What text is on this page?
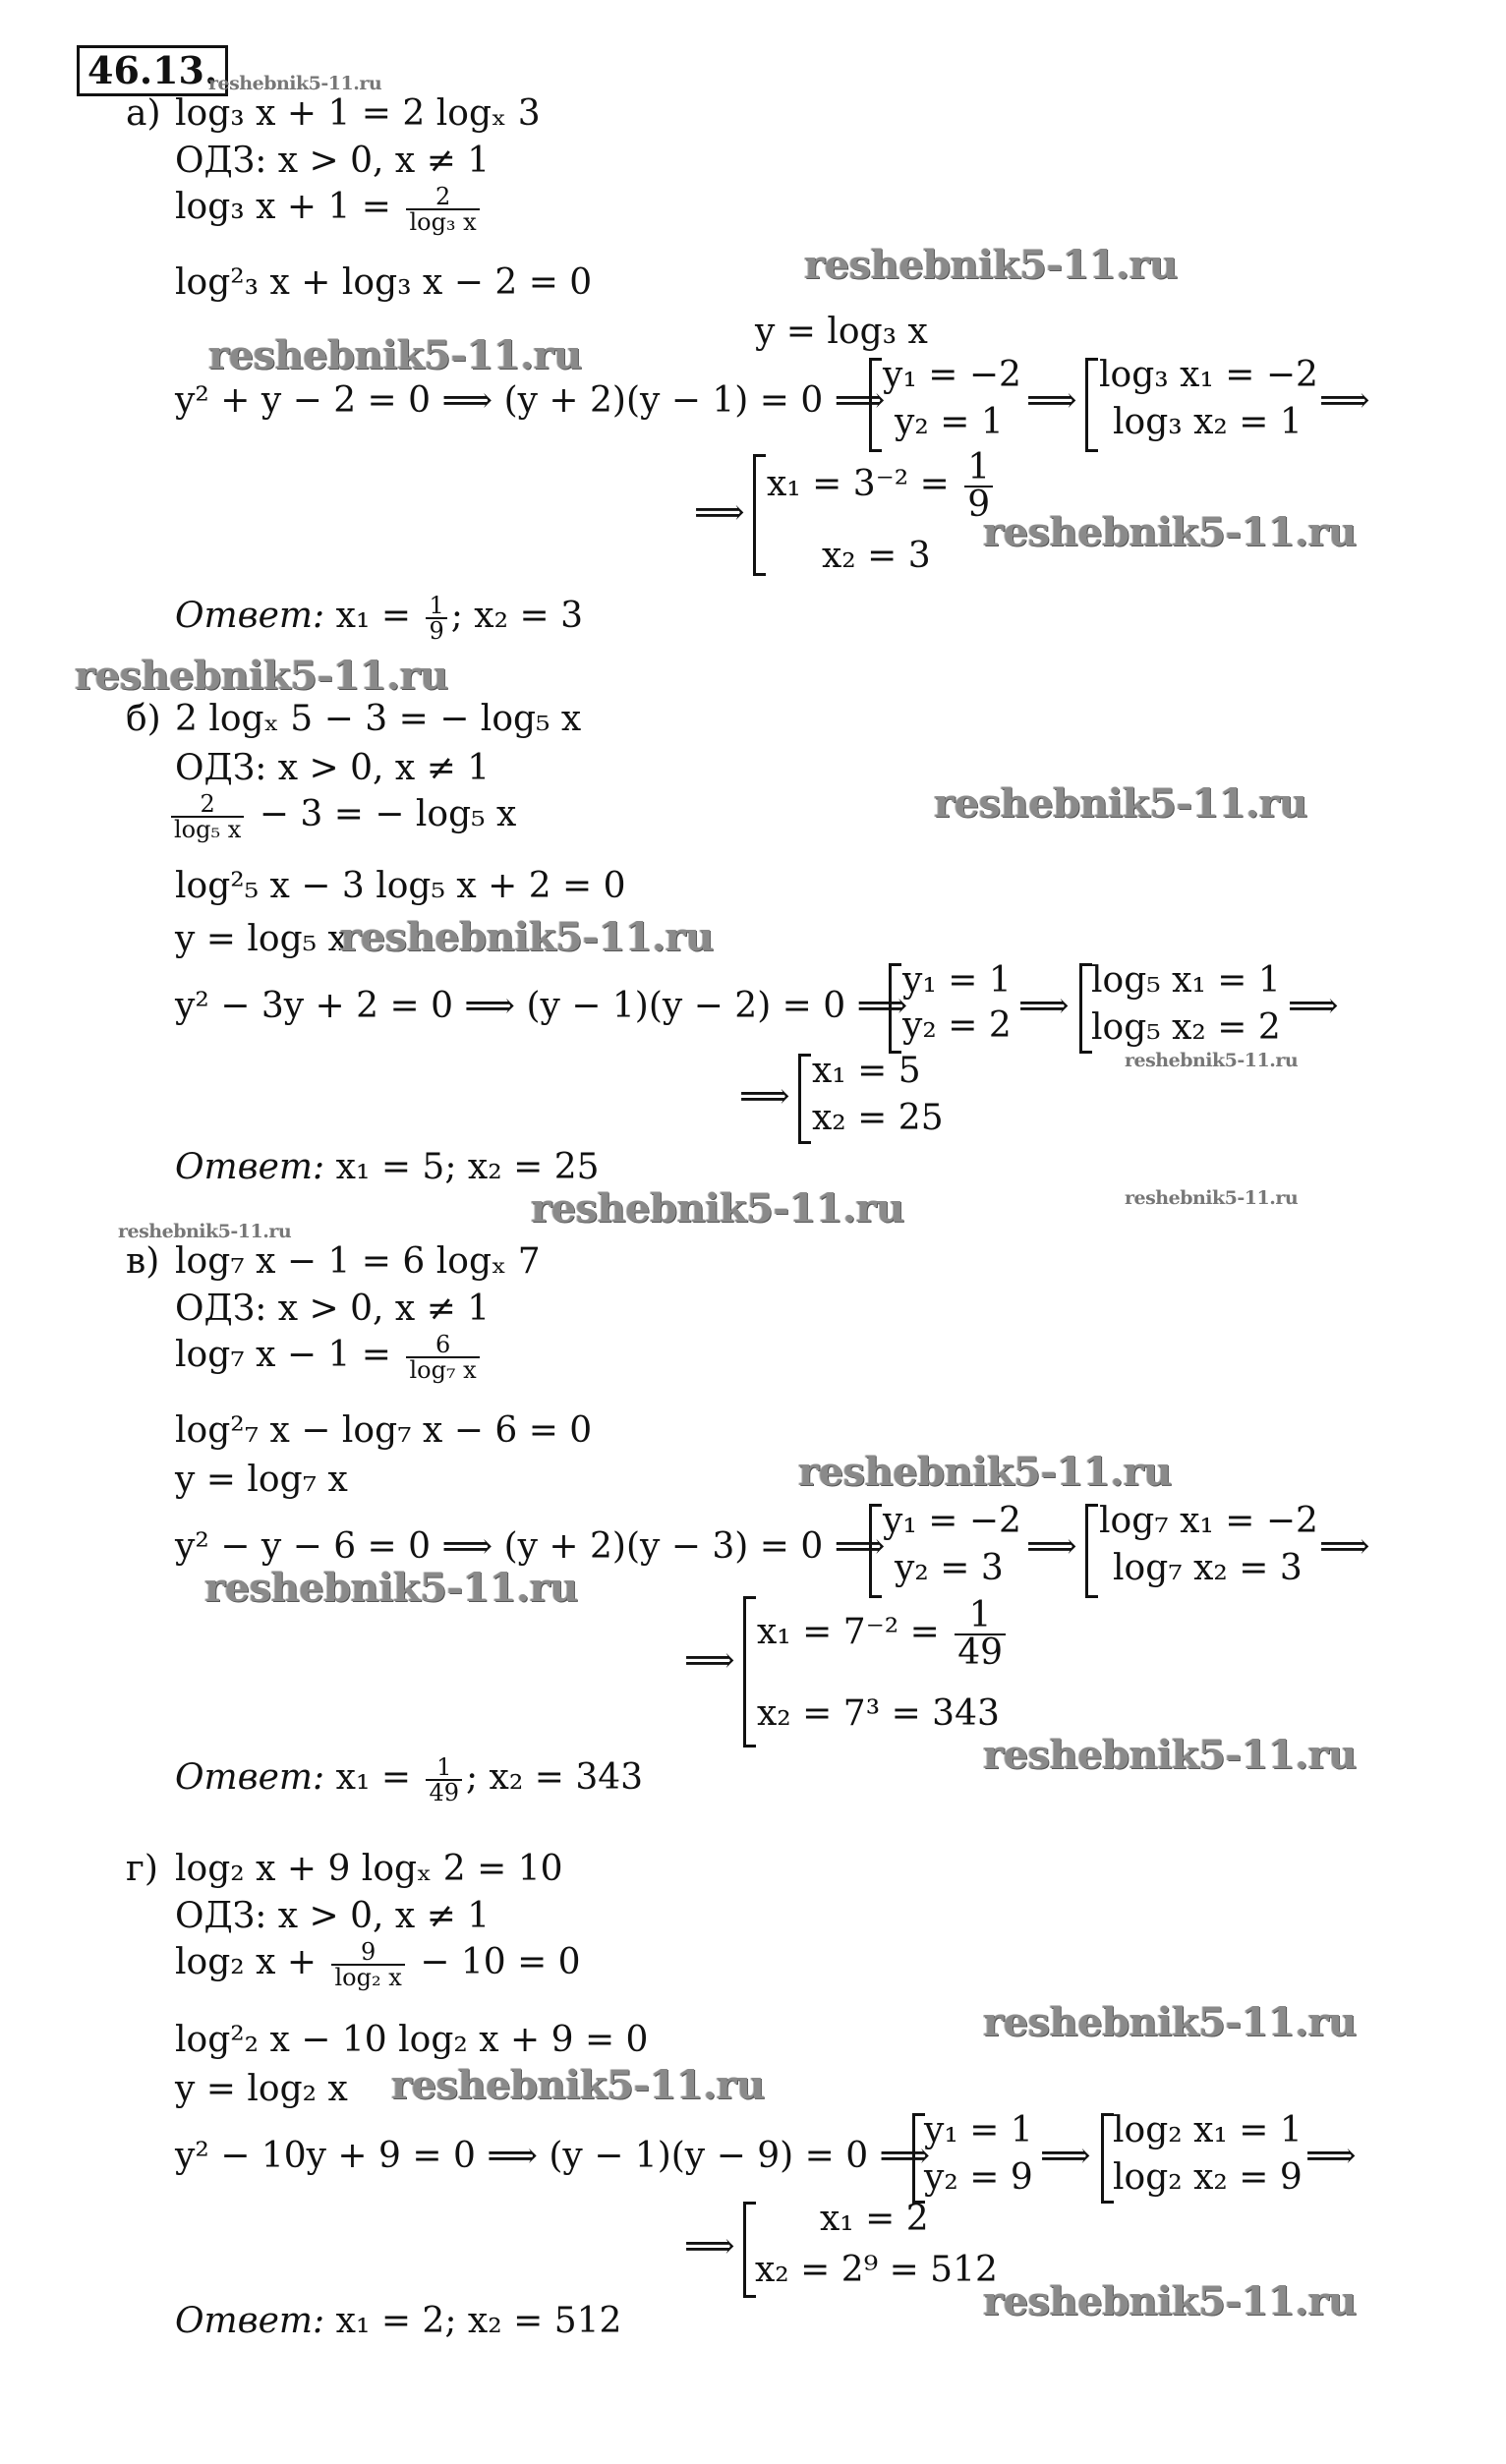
46.13.
reshebnik5-11.ru
а) log₃ x + 1 = 2 logₓ 3
ОДЗ: x > 0, x ≠ 1
log₃ $x + 1 = \frac{2}{\text{log₃ x}}$
log²₃ x + log₃ x − 2 = 0	reshebnik5-11.ru
reshebnik5-11.ru
y = log₃ x
y² + y − 2 = 0 ⟹ (y + 2)(y − 1) = 0 ⟹
y₁ = −2
y₂ = 1
⟹
log₃ x₁ = −2
log₃ x₂ = 1
⟹
⟹
$x_1 = 3^{-2} = \frac{1}{9}$
reshebnik5-11.ru
x₂ = 3
Ответ: $x_1 = \frac{1}{9}$ ; x₂ = 3
reshebnik5-11.ru
б) 2 logₓ 5 − 3 = − log₅ x
ОДЗ: x > 0, x ≠ 1
reshebnik5-11.ru
$\frac{2}{\text{log₅ x}} - 3$ = − log₅ x
log²₅ x − 3 log₅ x + 2 = 0
y = log₅ x
reshebnik5-11.ru
y² − 3y + 2 = 0 ⟹ (y − 1)(y − 2) = 0 ⟹
y₁ = 1
y₂ = 2 ⟹
log₅ x₁ = 1
log₅ x₂ = 2
⟹
reshebnik5-11.ru
⟹
x₁ = 5
x₂ = 25
Ответ: x₁ = 5; x₂ = 25
reshebnik5-11.ru	reshebnik5-11.ru
reshebnik5-11.ru
в) log₇ x − 1 = 6 logₓ 7
ОДЗ: x > 0, x ≠ 1
log₇ $x - 1 = \frac{6}{\text{log₇ x}}$
log²₇ x − log₇ x − 6 = 0
y = log₇ x	reshebnik5-11.ru
y² − y − 6 = 0 ⟹ (y + 2)(y − 3) = 0 ⟹
y₁ = −2
y₂ = 3
⟹
log₇ x₁ = −2
log₇ x₂ = 3
⟹
reshebnik5-11.ru
⟹
$x_1 = 7^{-2} = \frac{1}{49}$
x₂ = 7³ = 343
reshebnik5-11.ru
Ответ: $x_1 = \frac{1}{49}$ ; x₂ = 343
г) log₂ x + 9 logₓ 2 = 10
ОДЗ: x > 0, x ≠ 1
log₂ $x + \frac{9}{\text{log₂ x}} - 10 = 0$
reshebnik5-11.ru
log²₂ x − 10 log₂ x + 9 = 0
y = log₂ x reshebnik5-11.ru
y² − 10y + 9 = 0 ⟹ (y − 1)(y − 9) = 0 ⟹
y₁ = 1
y₂ = 9
⟹
log₂ x₁ = 1
log₂ x₂ = 9
⟹
⟹
x₁ = 2
x₂ = 2⁹ = 512
reshebnik5-11.ru
Ответ: x₁ = 2; x₂ = 512
